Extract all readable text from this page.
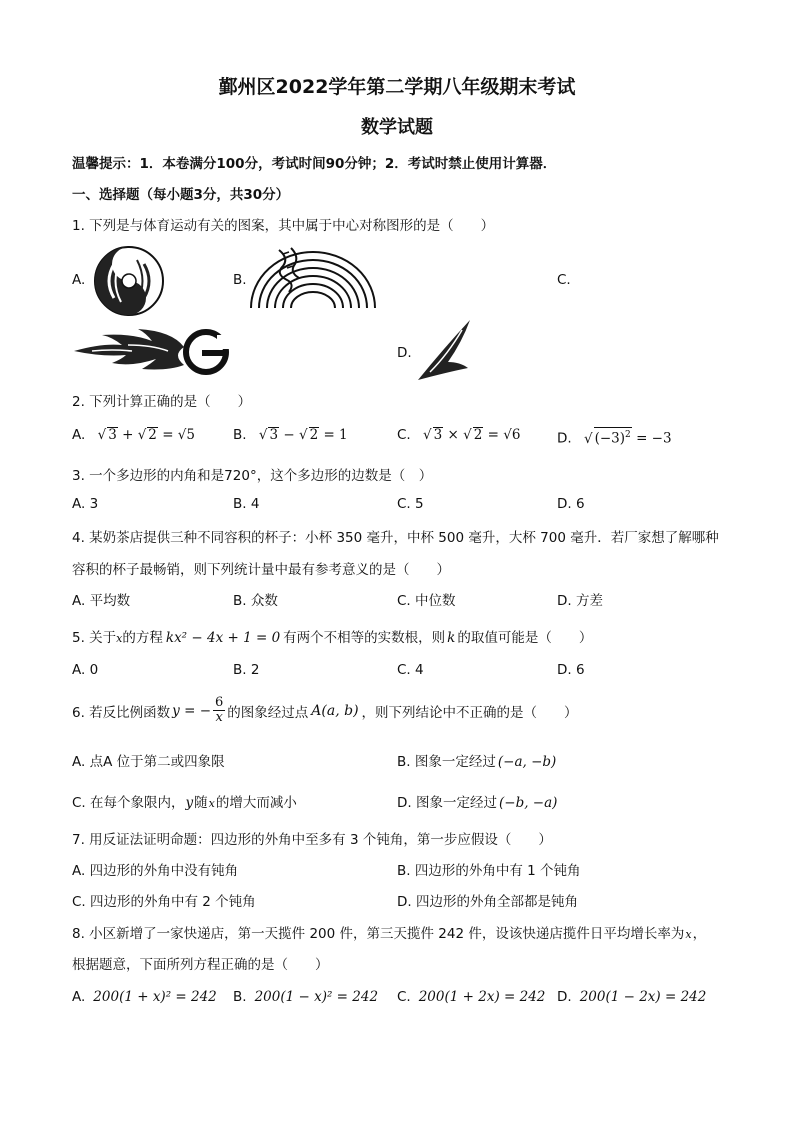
鄞州区2022学年第二学期八年级期末考试
数学试题
温馨提示：1．本卷满分100分，考试时间90分钟；2．考试时禁止使用计算器．
一、选择题（每小题3分，共30分）
1. 下列是与体育运动有关的图案，其中属于中心对称图形的是（　　）
A.	B.	C.
D.
2. 下列计算正确的是（　　）
A. √ 3 + √ 2 = √5	B. √ 3 − √ 2 = 1	C. √ 3 × √ 2 = √6	D. √ $(-3)^2 = -3$
3. 一个多边形的内角和是720°，这个多边形的边数是（　）
A. 3	B. 4	C. 5	D. 6
4. 某奶茶店提供三种不同容积的杯子：小杯 350 毫升，中杯 500 毫升，大杯 700 毫升．若厂家想了解哪种
容积的杯子最畅销，则下列统计量中最有参考意义的是（　　）
A. 平均数	B. 众数	C. 中位数	D. 方差
5. 关于x的方程 kx² − 4x + 1 = 0 有两个不相等的实数根，则 k 的取值可能是（　　）
A. 0	B. 2	C. 4	D. 6
6. 若反比例函数 y = − $\frac{6}{x}$ 的图象经过点 A(a, b) ，则下列结论中不正确的是（　　）
A. 点A 位于第二或四象限	B. 图象一定经过 (−a, −b)
C. 在每个象限内，y随x的增大而减小	D. 图象一定经过 (−b, −a)
7. 用反证法证明命题：四边形的外角中至多有 3 个钝角，第一步应假设（　　）
A. 四边形的外角中没有钝角	B. 四边形的外角中有 1 个钝角
C. 四边形的外角中有 2 个钝角	D. 四边形的外角全部都是钝角
8. 小区新增了一家快递店，第一天揽件 200 件，第三天揽件 242 件，设该快递店揽件日平均增长率为x，
根据题意，下面所列方程正确的是（　　）
A. 200(1 + x)² = 242 B. 200(1 − x)² = 242 C. 200(1 + 2x) = 242 D. 200(1 − 2x) = 242
